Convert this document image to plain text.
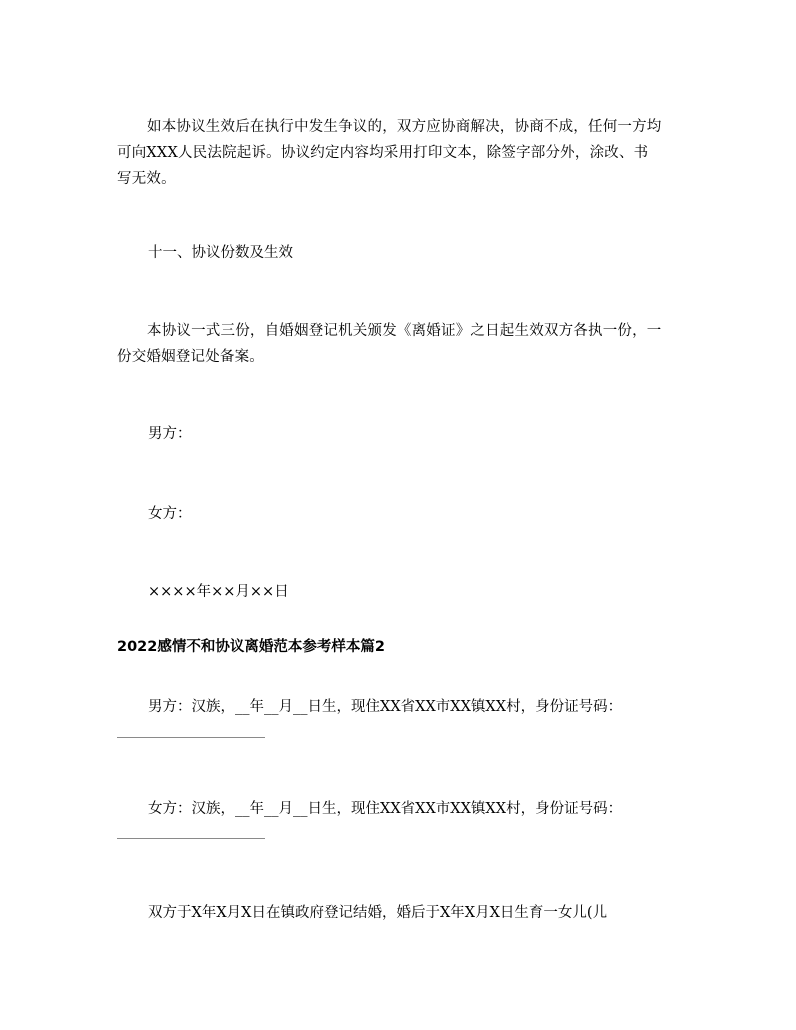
如本协议生效后在执行中发生争议的，双方应协商解决，协商不成，任何一方均可向XXX人民法院起诉。协议约定内容均采用打印文本，除签字部分外，涂改、书写无效。

十一、协议份数及生效

本协议一式三份，自婚姻登记机关颁发《离婚证》之日起生效双方各执一份，一份交婚姻登记处备案。

男方：

女方：

××××年××月××日

2022感情不和协议离婚范本参考样本篇2

男方：汉族，__年__月__日生，现住XX省XX市XX镇XX村，身份证号码：

女方：汉族，__年__月__日生，现住XX省XX市XX镇XX村，身份证号码：

双方于X年X月X日在镇政府登记结婚，婚后于X年X月X日生育一女儿(儿
